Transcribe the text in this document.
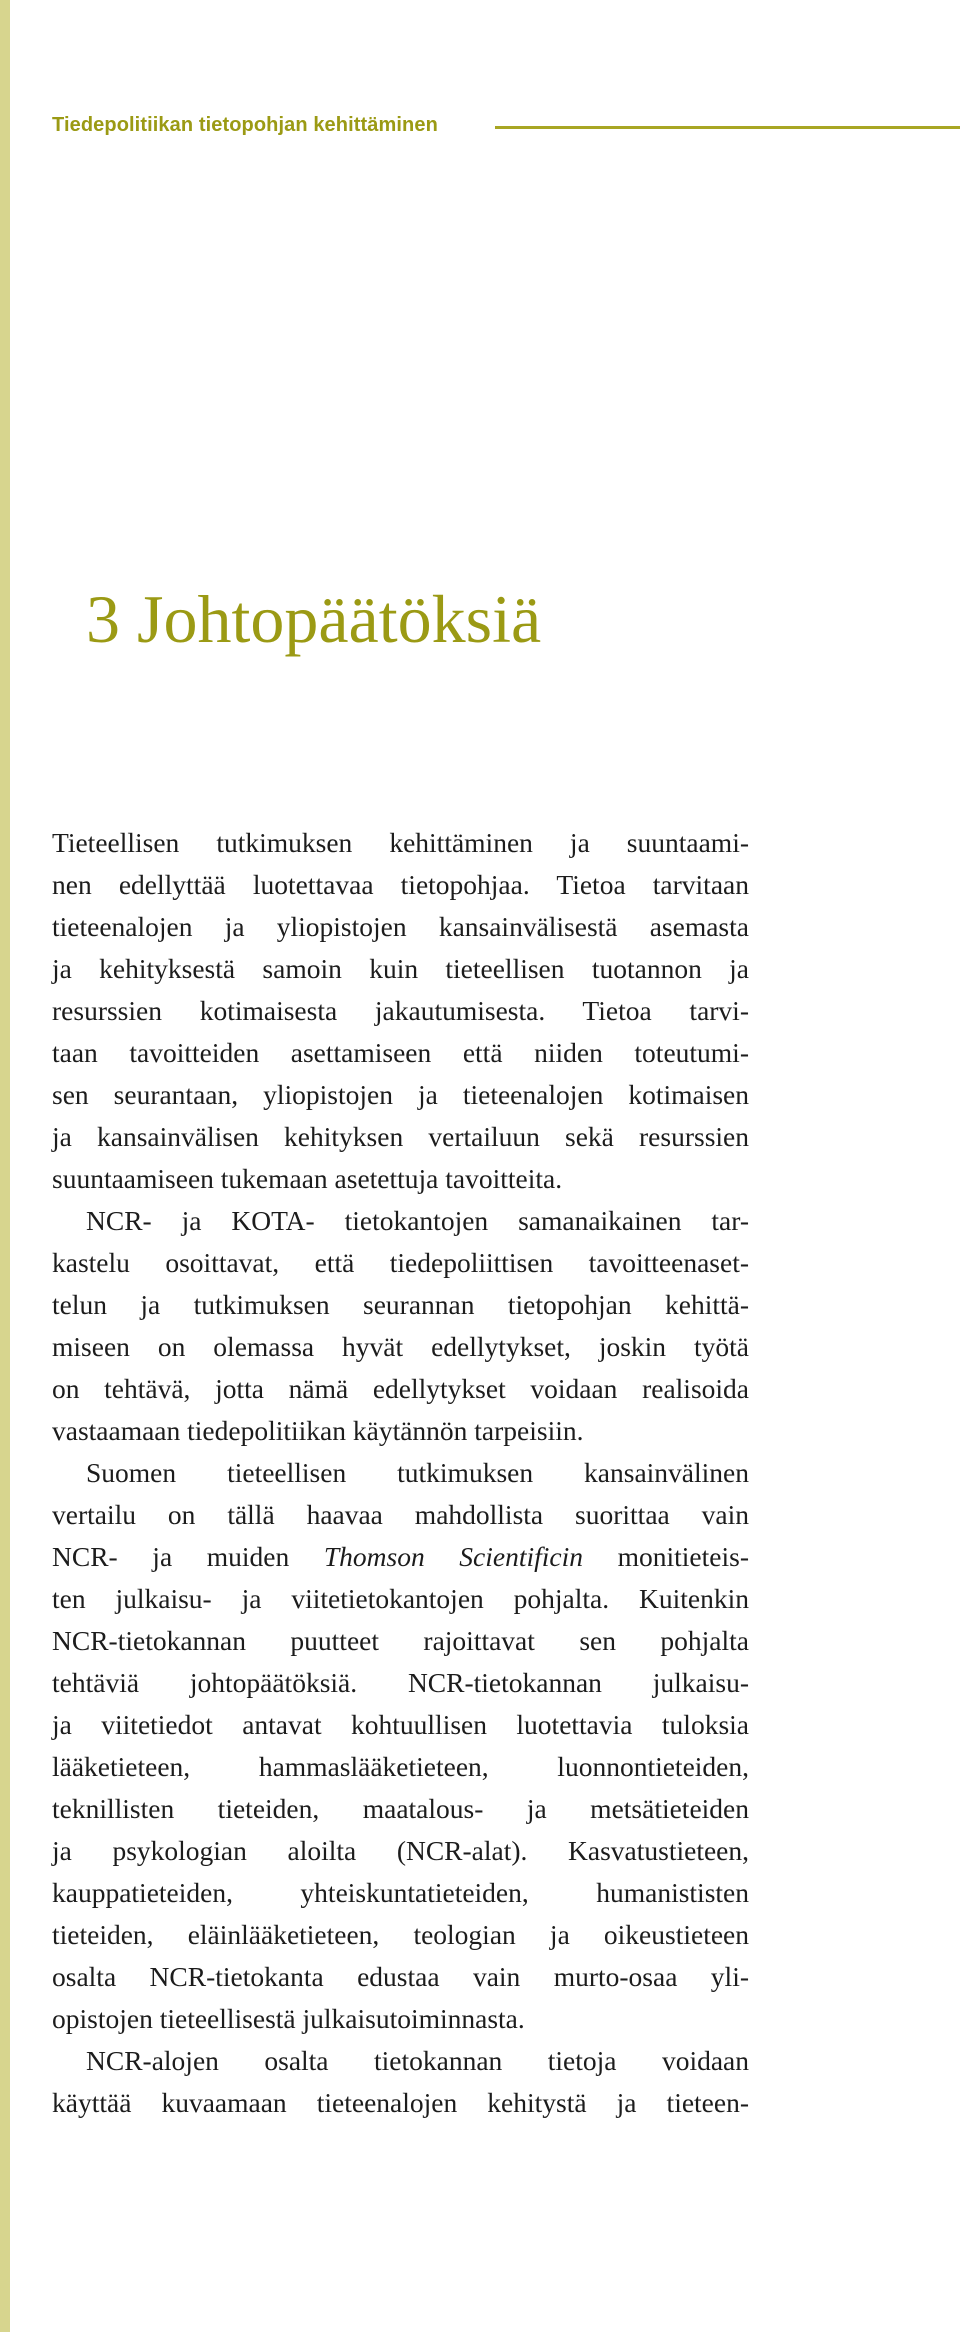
Tiedepolitiikan tietopohjan kehittäminen
3 Johtopäätöksiä
Tieteellisen tutkimuksen kehittäminen ja suuntaami-
nen edellyttää luotettavaa tietopohjaa. Tietoa tarvitaan
tieteenalojen ja yliopistojen kansainvälisestä asemasta
ja kehityksestä samoin kuin tieteellisen tuotannon ja
resurssien kotimaisesta jakautumisesta. Tietoa tarvi-
taan tavoitteiden asettamiseen että niiden toteutumi-
sen seurantaan, yliopistojen ja tieteenalojen kotimaisen
ja kansainvälisen kehityksen vertailuun sekä resurssien
suuntaamiseen tukemaan asetettuja tavoitteita.
NCR- ja KOTA- tietokantojen samanaikainen tar-
kastelu osoittavat, että tiedepoliittisen tavoitteenaset-
telun ja tutkimuksen seurannan tietopohjan kehittä-
miseen on olemassa hyvät edellytykset, joskin työtä
on tehtävä, jotta nämä edellytykset voidaan realisoida
vastaamaan tiedepolitiikan käytännön tarpeisiin.
Suomen tieteellisen tutkimuksen kansainvälinen
vertailu on tällä haavaa mahdollista suorittaa vain
NCR- ja muiden Thomson Scientificin monitieteis-
ten julkaisu- ja viitetietokantojen pohjalta. Kuitenkin
NCR-tietokannan puutteet rajoittavat sen pohjalta
tehtäviä johtopäätöksiä. NCR-tietokannan julkaisu-
ja viitetiedot antavat kohtuullisen luotettavia tuloksia
lääketieteen, hammaslääketieteen, luonnontieteiden,
teknillisten tieteiden, maatalous- ja metsätieteiden
ja psykologian aloilta (NCR-alat). Kasvatustieteen,
kauppatieteiden, yhteiskuntatieteiden, humanististen
tieteiden, eläinlääketieteen, teologian ja oikeustieteen
osalta NCR-tietokanta edustaa vain murto-osaa yli-
opistojen tieteellisestä julkaisutoiminnasta.
NCR-alojen osalta tietokannan tietoja voidaan
käyttää kuvaamaan tieteenalojen kehitystä ja tieteen-
